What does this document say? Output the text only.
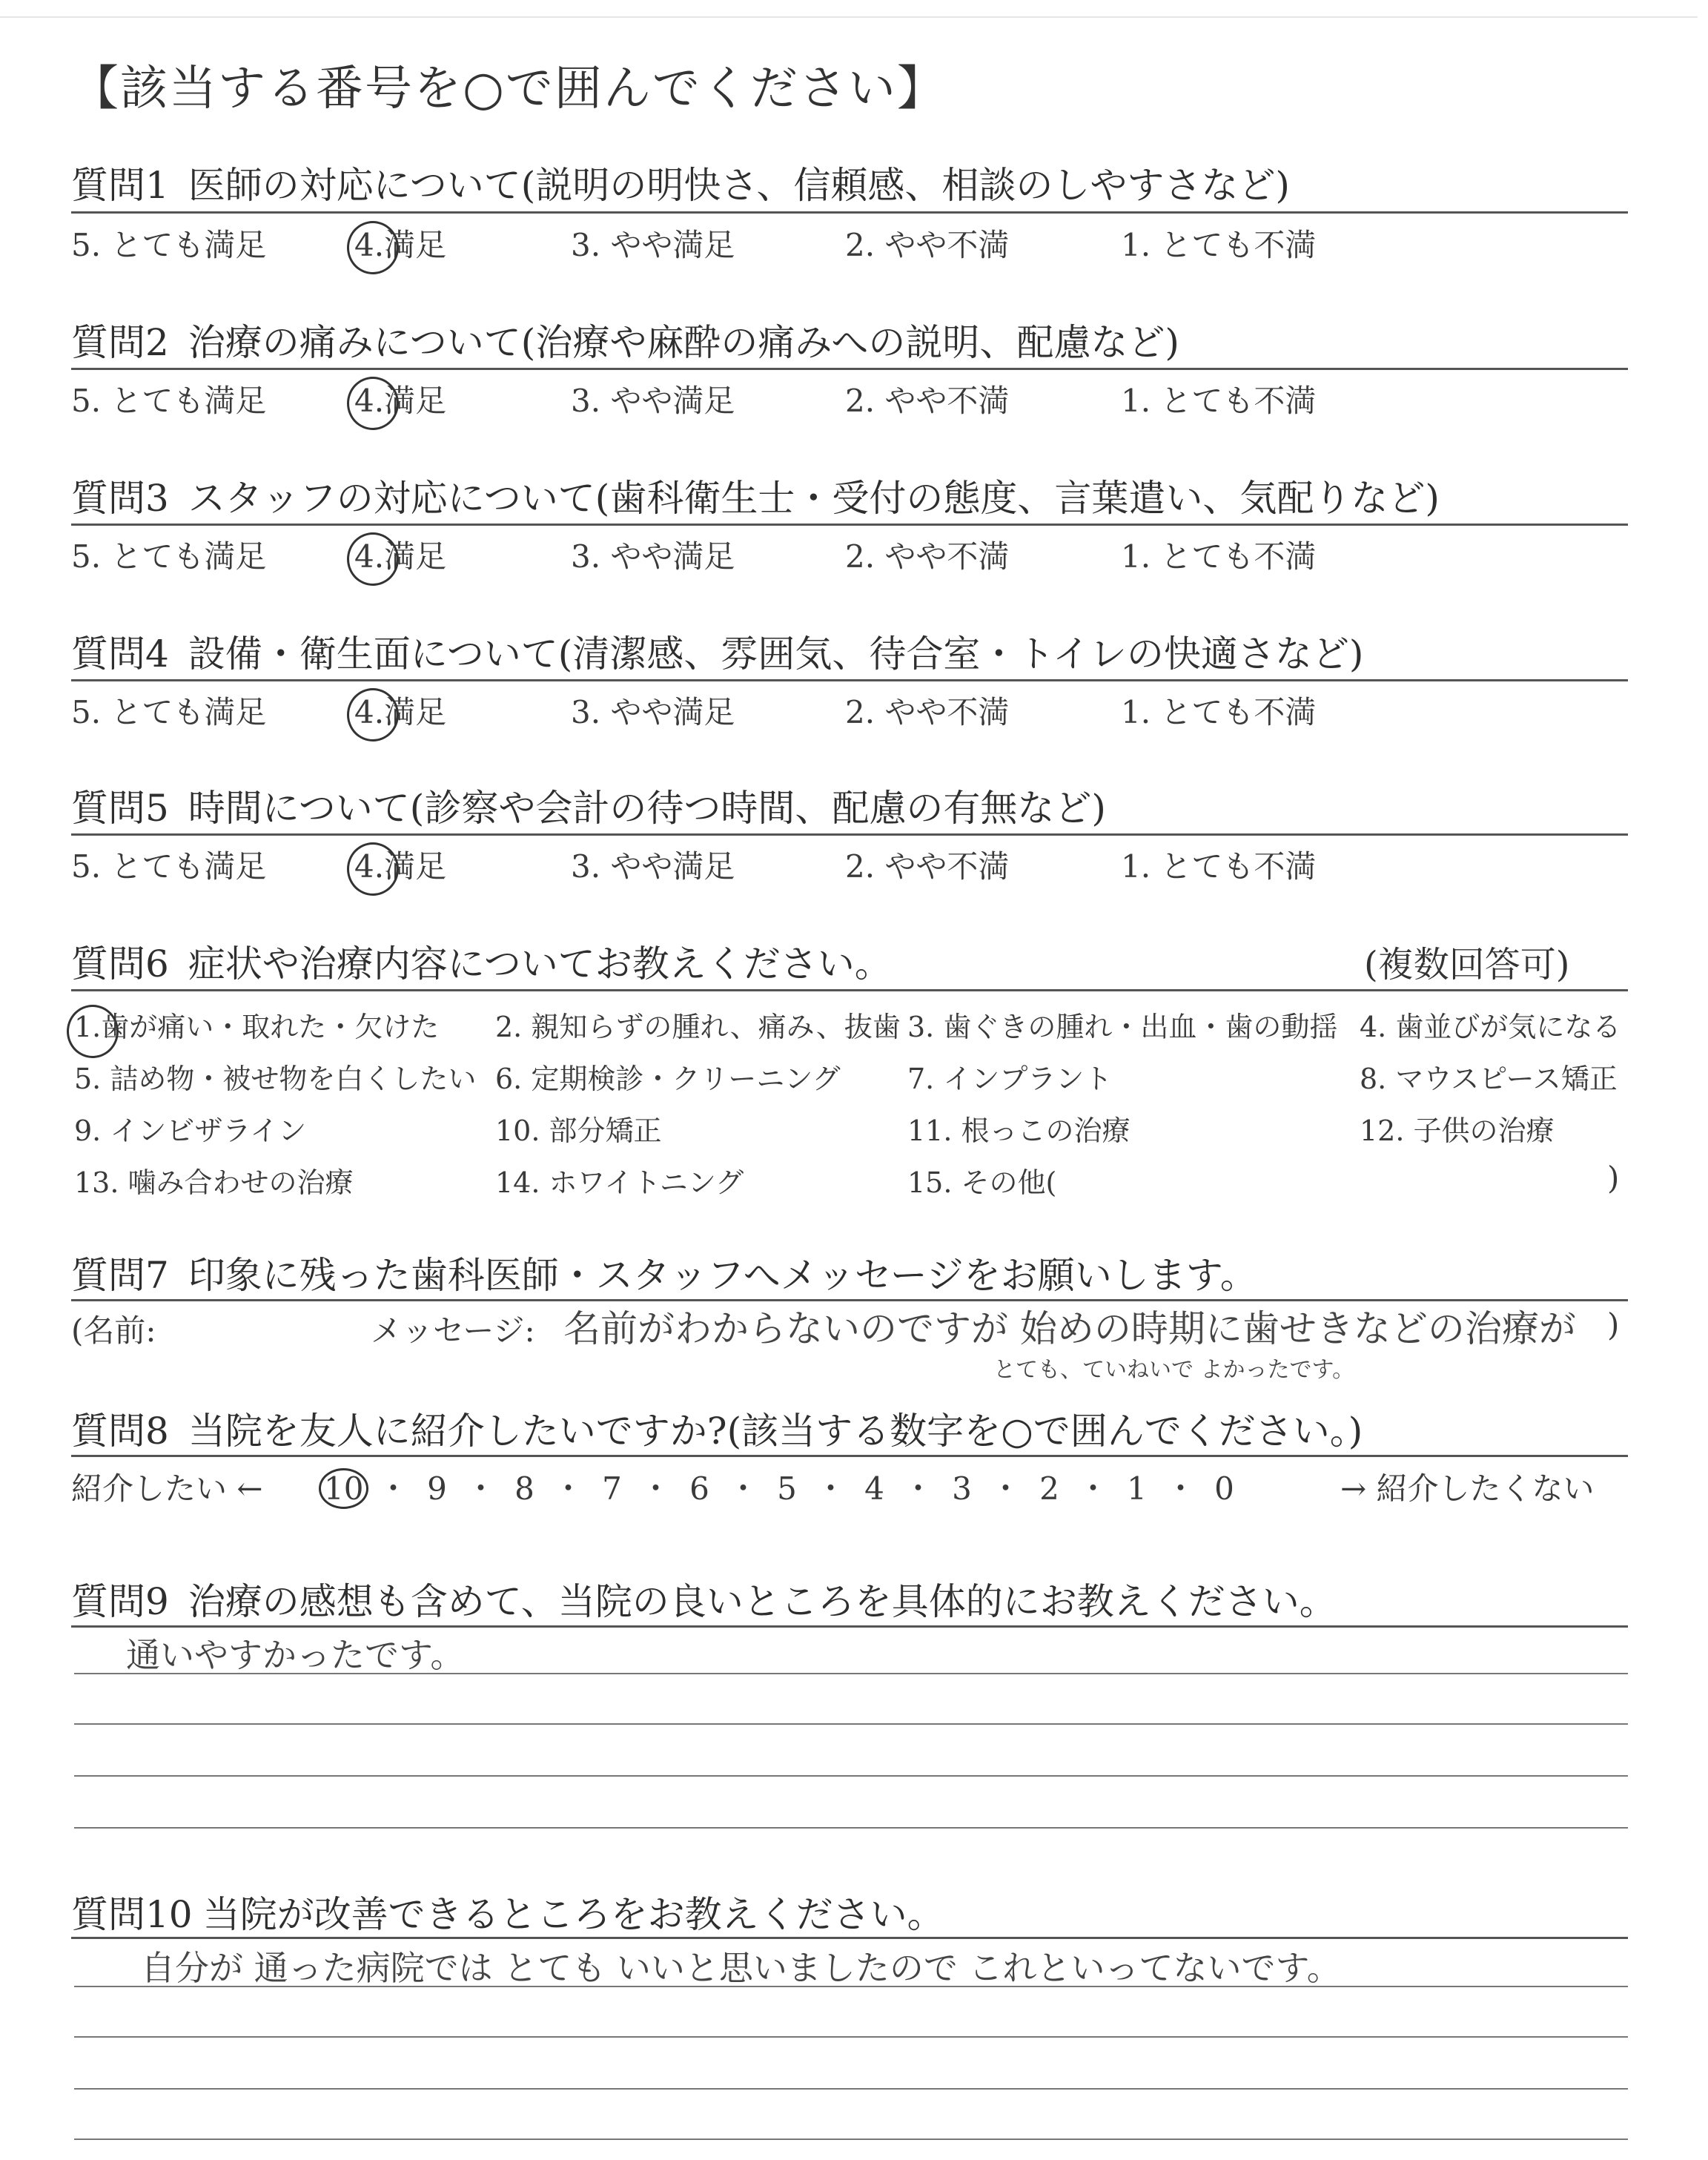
【該当する番号を○で囲んでください】
質問1 医師の対応について(説明の明快さ、信頼感、相談のしやすさなど)
5. とても満足	4.満足	3. やや満足	2. やや不満	1. とても不満
質問2 治療の痛みについて(治療や麻酔の痛みへの説明、配慮など)
5. とても満足	4.満足	3. やや満足	2. やや不満	1. とても不満
質問3 スタッフの対応について(歯科衛生士・受付の態度、言葉遣い、気配りなど)
5. とても満足	4.満足	3. やや満足	2. やや不満	1. とても不満
質問4 設備・衛生面について(清潔感、雰囲気、待合室・トイレの快適さなど)
5. とても満足	4.満足	3. やや満足	2. やや不満	1. とても不満
質問5 時間について(診察や会計の待つ時間、配慮の有無など)
5. とても満足	4.満足	3. やや満足	2. やや不満	1. とても不満
質問6 症状や治療内容についてお教えください。	(複数回答可)
1.歯が痛い・取れた・欠けた 2. 親知らずの腫れ、痛み、抜歯 3. 歯ぐきの腫れ・出血・歯の動揺 4. 歯並びが気になる
5. 詰め物・被せ物を白くしたい 6. 定期検診・クリーニング 7. インプラント	8. マウスピース矯正
9. インビザライン	10. 部分矯正	11. 根っこの治療	12. 子供の治療
13. 噛み合わせの治療	14. ホワイトニング	15. その他(	)
質問7 印象に残った歯科医師・スタッフへメッセージをお願いします。
(名前:	メッセージ: 名前がわからないのですが 始めの時期に歯せきなどの治療が
とても、ていねいで よかったです。
)
質問8 当院を友人に紹介したいですか?(該当する数字を○で囲んでください。)
紹介したい ← 10 ・ 9 ・ 8 ・ 7 ・ 6 ・ 5 ・ 4 ・ 3 ・ 2 ・ 1 ・ 0	→ 紹介したくない
質問9 治療の感想も含めて、当院の良いところを具体的にお教えください。
通いやすかったです。
質問10 当院が改善できるところをお教えください。
自分が 通った病院では とても いいと思いましたので これといってないです。
